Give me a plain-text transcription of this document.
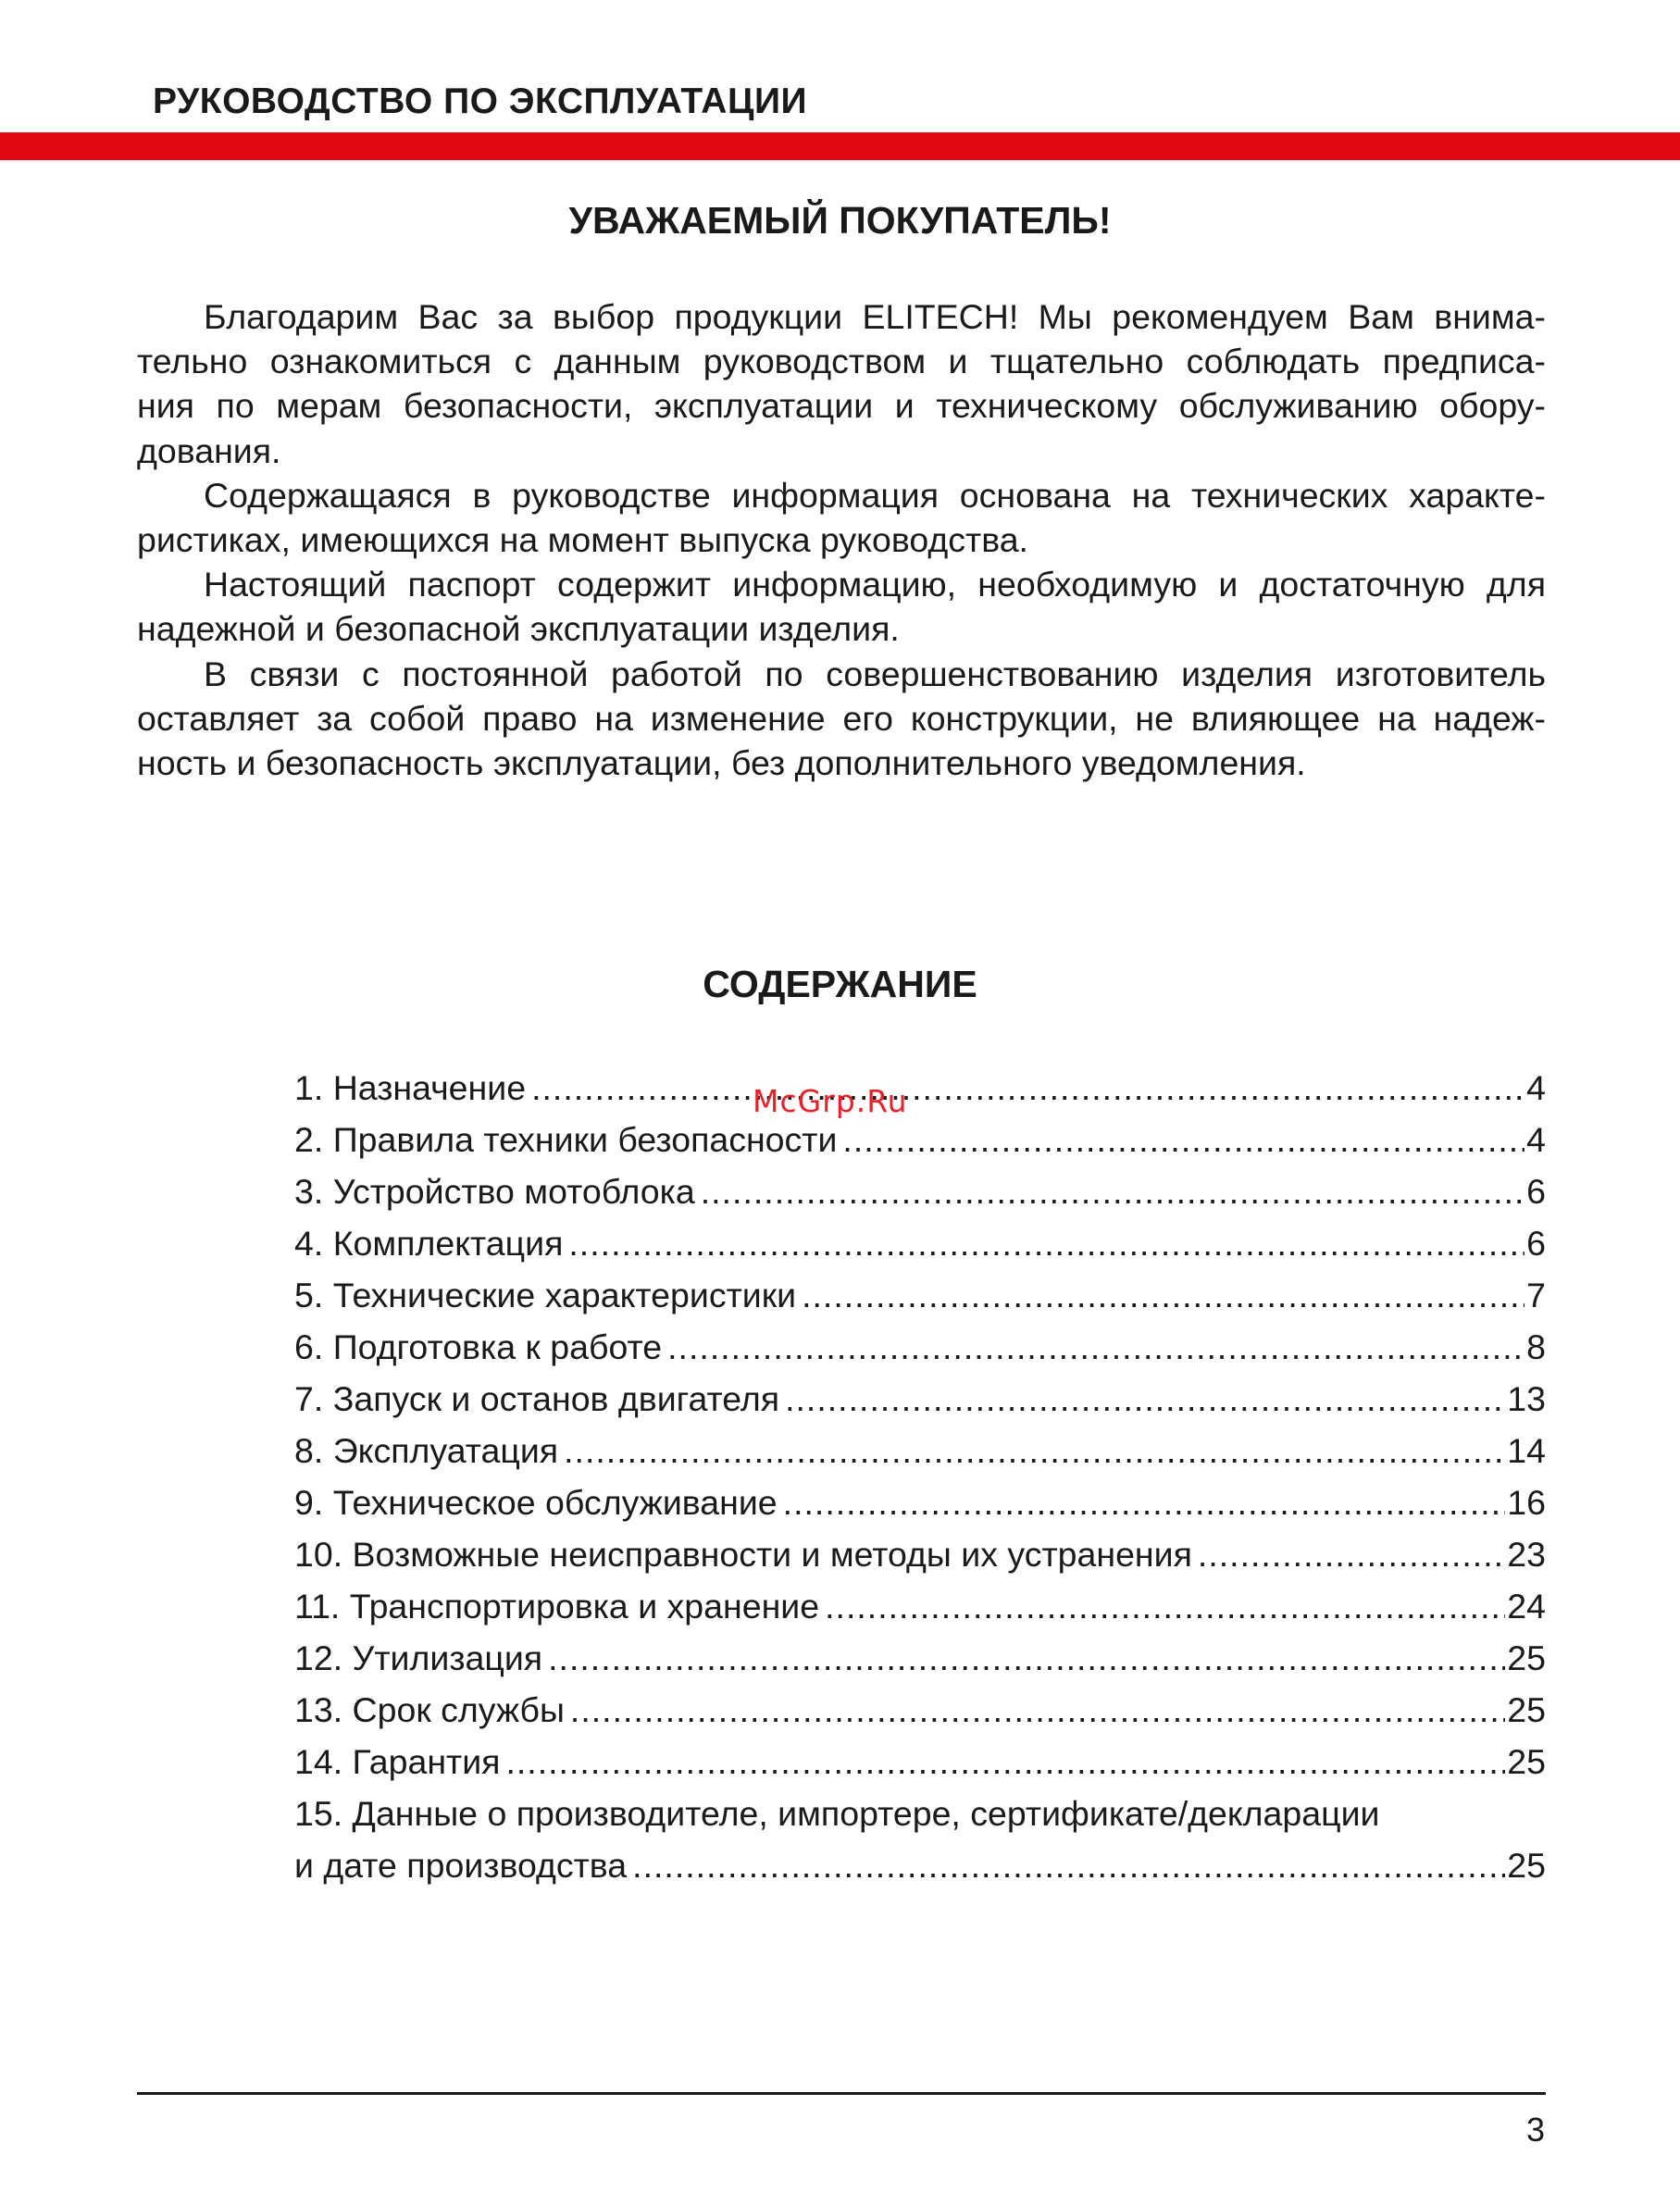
РУКОВОДСТВО ПО ЭКСПЛУАТАЦИИ
УВАЖАЕМЫЙ ПОКУПАТЕЛЬ!
Благодарим Вас за выбор продукции ELITECH! Мы рекомендуем Вам внима-
тельно ознакомиться с данным руководством и тщательно соблюдать предписа-
ния по мерам безопасности, эксплуатации и техническому обслуживанию обору-
дования.
Содержащаяся в руководстве информация основана на технических характе-
ристиках, имеющихся на момент выпуска руководства.
Настоящий паспорт содержит информацию, необходимую и достаточную для
надежной и безопасной эксплуатации изделия.
В связи с постоянной работой по совершенствованию изделия изготовитель
оставляет за собой право на изменение его конструкции, не влияющее на надеж-
ность и безопасность эксплуатации, без дополнительного уведомления.
СОДЕРЖАНИЕ
1. Назначение .....	4
2. Правила техники безопасности .....	4
3. Устройство мотоблока .....	6
4. Комплектация .....	6
5. Технические характеристики .....	7
6. Подготовка к работе .....	8
7. Запуск и останов двигателя .....	13
8. Эксплуатация .....	14
9. Техническое обслуживание .....	16
10. Возможные неисправности и методы их устранения .....	23
11. Транспортировка и хранение .....	24
12. Утилизация .....	25
13. Срок службы .....	25
14. Гарантия .....	25
15. Данные о производителе, импортере, сертификате/декларации
и дате производства .....	25
McGrp.Ru
3
